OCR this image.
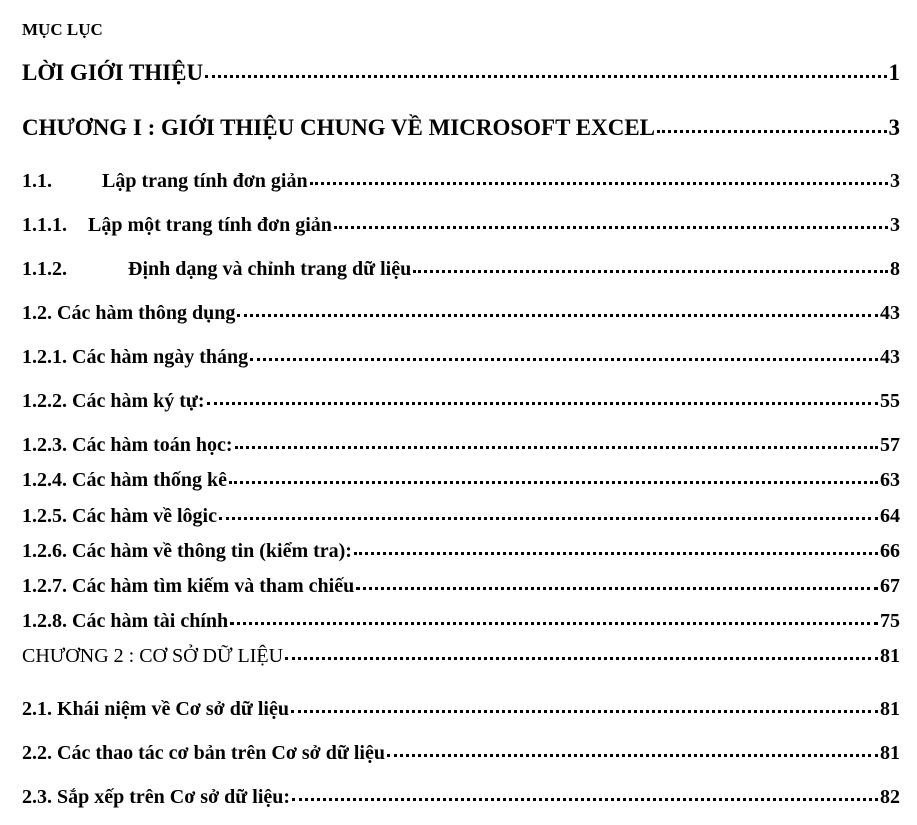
MỤC LỤC
LỜI GIỚI THIỆU	1
CHƯƠNG I : GIỚI THIỆU CHUNG VỀ MICROSOFT EXCEL	3
1.1.	Lập trang tính đơn giản	3
1.1.1.	Lập một trang tính đơn giản	3
1.1.2.	Định dạng và chỉnh trang dữ liệu	8
1.2. Các hàm thông dụng	43
1.2.1. Các hàm ngày tháng	43
1.2.2. Các hàm ký tự:	55
1.2.3. Các hàm toán học:	57
1.2.4. Các hàm thống kê	63
1.2.5. Các hàm về lôgic	64
1.2.6. Các hàm về thông tin (kiểm tra):	66
1.2.7. Các hàm tìm kiếm và tham chiếu	67
1.2.8. Các hàm tài chính	75
CHƯƠNG 2 : CƠ SỞ DỮ LIỆU	81
2.1. Khái niệm về Cơ sở dữ liệu	81
2.2. Các thao tác cơ bản trên Cơ sở dữ liệu	81
2.3. Sắp xếp trên Cơ sở dữ liệu:	82
